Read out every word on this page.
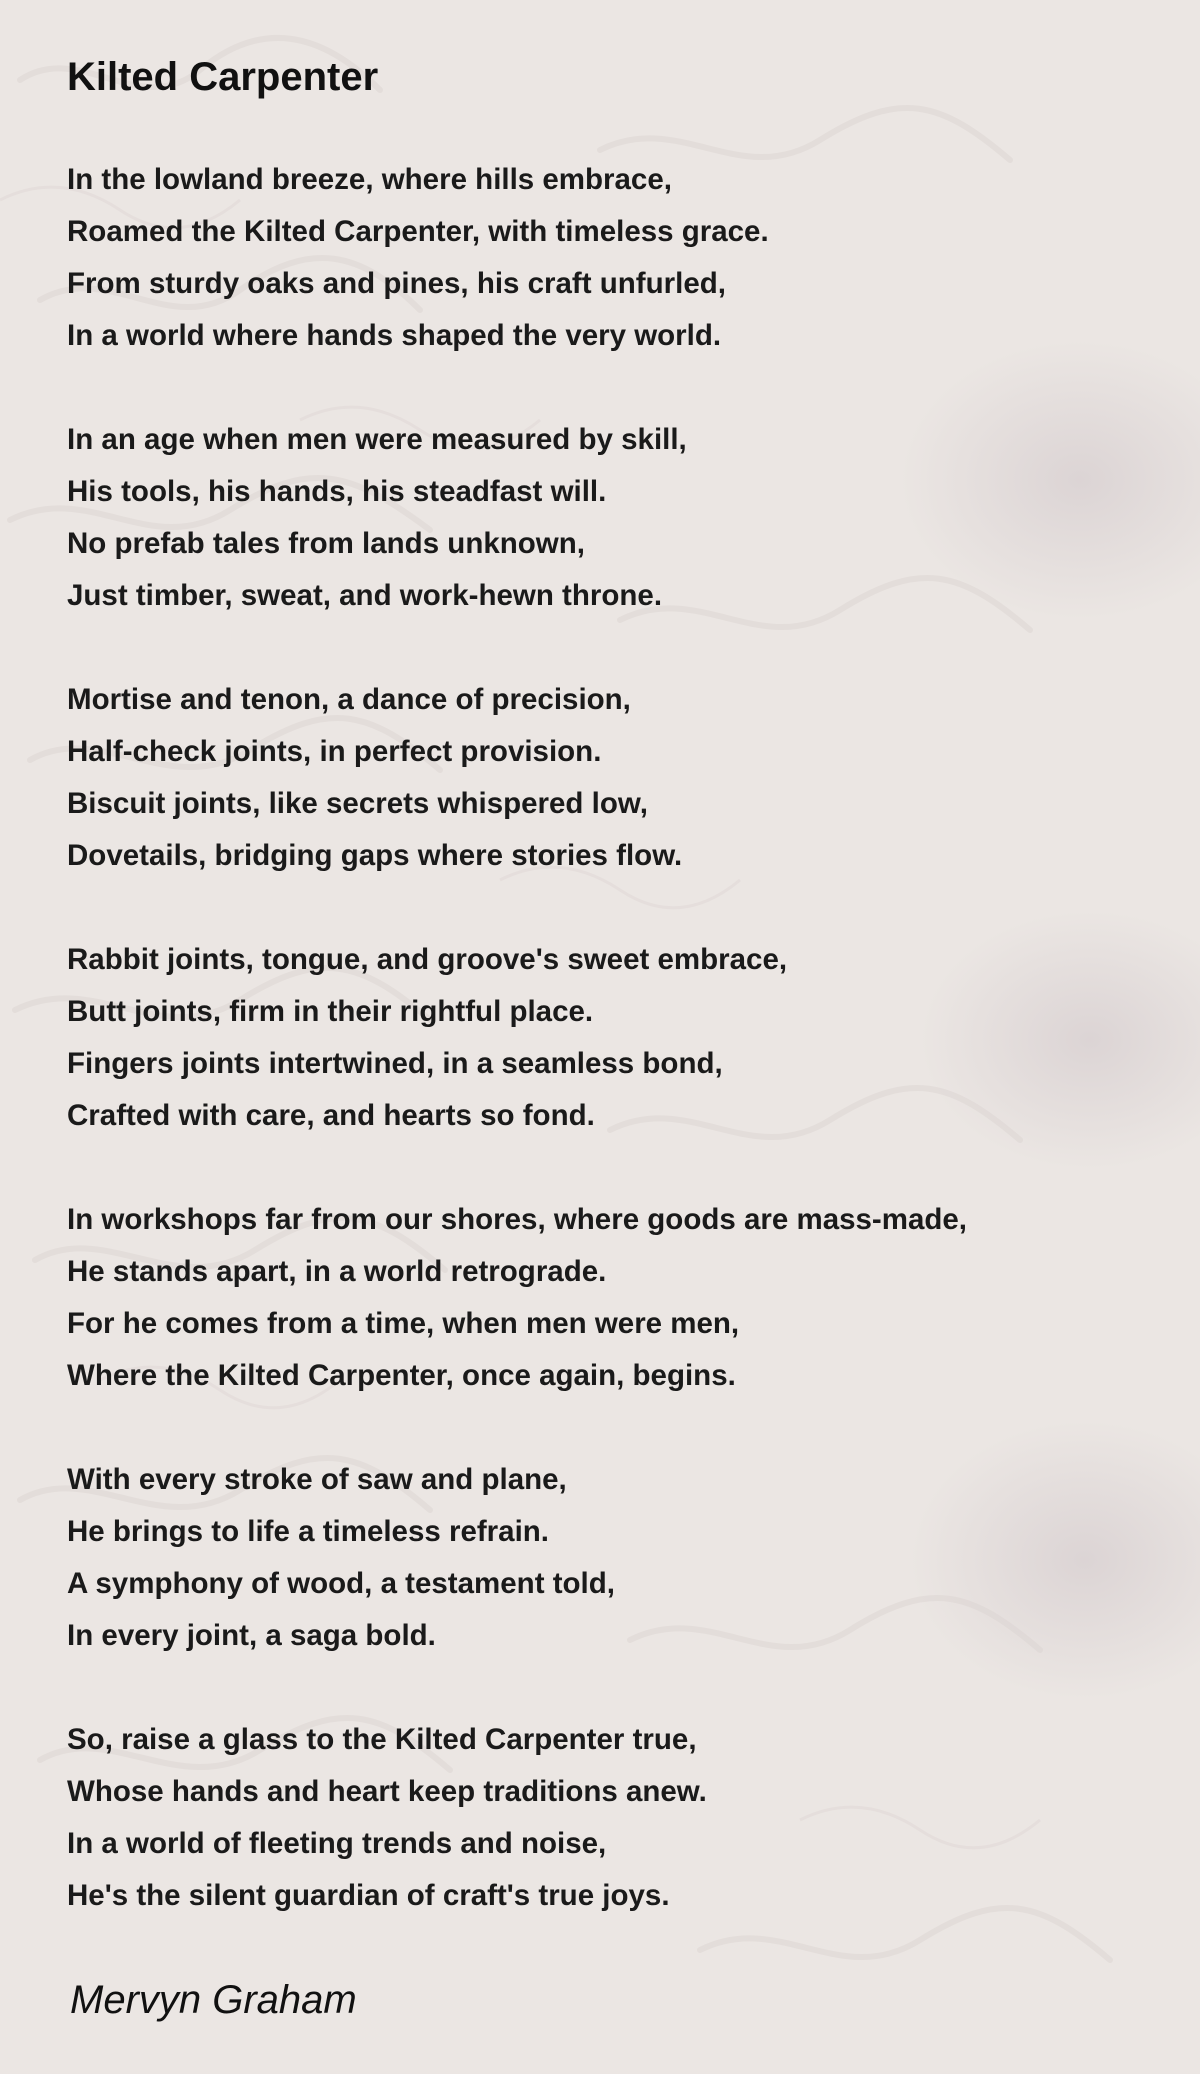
Kilted Carpenter
In the lowland breeze, where hills embrace,
Roamed the Kilted Carpenter, with timeless grace.
From sturdy oaks and pines, his craft unfurled,
In a world where hands shaped the very world.
In an age when men were measured by skill,
His tools, his hands, his steadfast will.
No prefab tales from lands unknown,
Just timber, sweat, and work-hewn throne.
Mortise and tenon, a dance of precision,
Half-check joints, in perfect provision.
Biscuit joints, like secrets whispered low,
Dovetails, bridging gaps where stories flow.
Rabbit joints, tongue, and groove's sweet embrace,
Butt joints, firm in their rightful place.
Fingers joints intertwined, in a seamless bond,
Crafted with care, and hearts so fond.
In workshops far from our shores, where goods are mass-made,
He stands apart, in a world retrograde.
For he comes from a time, when men were men,
Where the Kilted Carpenter, once again, begins.
With every stroke of saw and plane,
He brings to life a timeless refrain.
A symphony of wood, a testament told,
In every joint, a saga bold.
So, raise a glass to the Kilted Carpenter true,
Whose hands and heart keep traditions anew.
In a world of fleeting trends and noise,
He's the silent guardian of craft's true joys.
Mervyn Graham
